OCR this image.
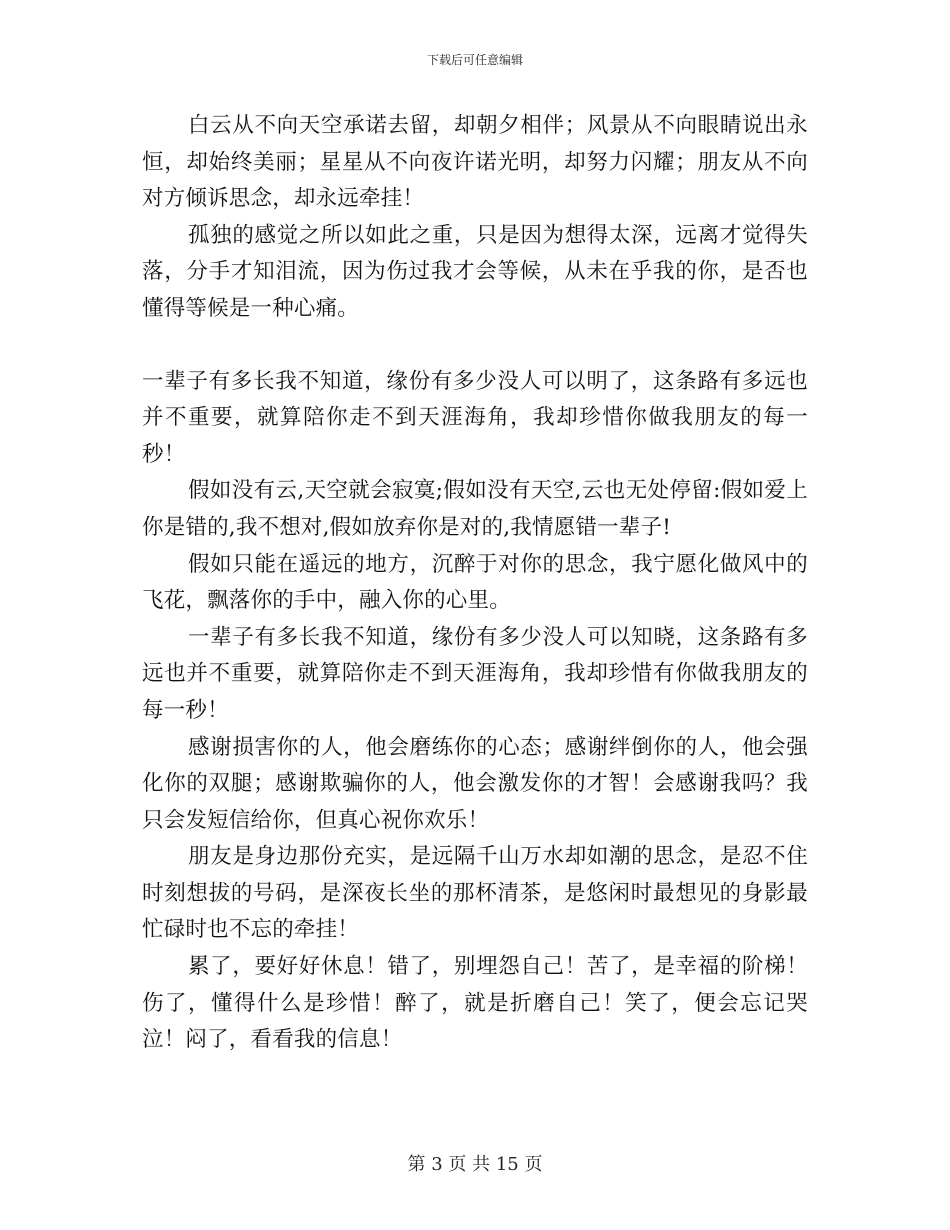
下载后可任意编辑

白云从不向天空承诺去留，却朝夕相伴；风景从不向眼睛说出永恒，却始终美丽；星星从不向夜许诺光明，却努力闪耀；朋友从不向对方倾诉思念，却永远牵挂！

孤独的感觉之所以如此之重，只是因为想得太深，远离才觉得失落，分手才知泪流，因为伤过我才会等候，从未在乎我的你，是否也懂得等候是一种心痛。

一辈子有多长我不知道，缘份有多少没人可以明了，这条路有多远也并不重要，就算陪你走不到天涯海角，我却珍惜你做我朋友的每一秒！

假如没有云,天空就会寂寞;假如没有天空,云也无处停留:假如爱上你是错的,我不想对,假如放弃你是对的,我情愿错一辈子!

假如只能在遥远的地方，沉醉于对你的思念，我宁愿化做风中的飞花，飘落你的手中，融入你的心里。

一辈子有多长我不知道，缘份有多少没人可以知晓，这条路有多远也并不重要，就算陪你走不到天涯海角，我却珍惜有你做我朋友的每一秒！

感谢损害你的人，他会磨练你的心态；感谢绊倒你的人，他会强化你的双腿；感谢欺骗你的人，他会激发你的才智！会感谢我吗？我只会发短信给你，但真心祝你欢乐！

朋友是身边那份充实，是远隔千山万水却如潮的思念，是忍不住时刻想拔的号码，是深夜长坐的那杯清茶，是悠闲时最想见的身影最忙碌时也不忘的牵挂！

累了，要好好休息！错了，别埋怨自己！苦了，是幸福的阶梯！伤了，懂得什么是珍惜！醉了，就是折磨自己！笑了，便会忘记哭泣！闷了，看看我的信息！

第 3 页 共 15 页
